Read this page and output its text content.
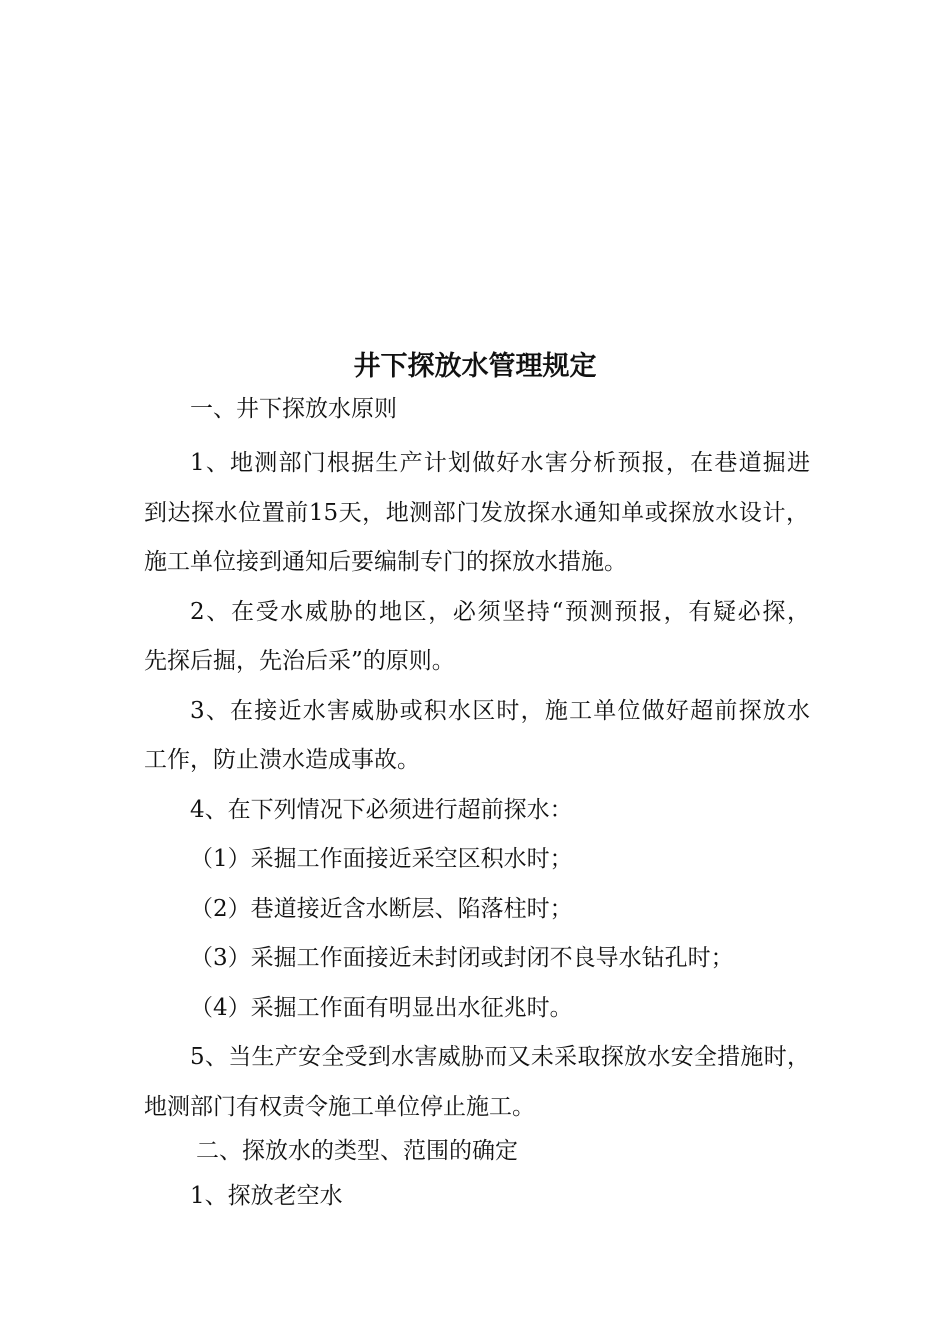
井下探放水管理规定

一、井下探放水原则

1、地测部门根据生产计划做好水害分析预报，在巷道掘进

到达探水位置前15天，地测部门发放探水通知单或探放水设计，

施工单位接到通知后要编制专门的探放水措施。

2、在受水威胁的地区，必须坚持“预测预报，有疑必探，

先探后掘，先治后采”的原则。

3、在接近水害威胁或积水区时，施工单位做好超前探放水

工作，防止溃水造成事故。

4、在下列情况下必须进行超前探水：

（1）采掘工作面接近采空区积水时；

（2）巷道接近含水断层、陷落柱时；

（3）采掘工作面接近未封闭或封闭不良导水钻孔时；

（4）采掘工作面有明显出水征兆时。

5、当生产安全受到水害威胁而又未采取探放水安全措施时，

地测部门有权责令施工单位停止施工。

二、探放水的类型、范围的确定

1、探放老空水
